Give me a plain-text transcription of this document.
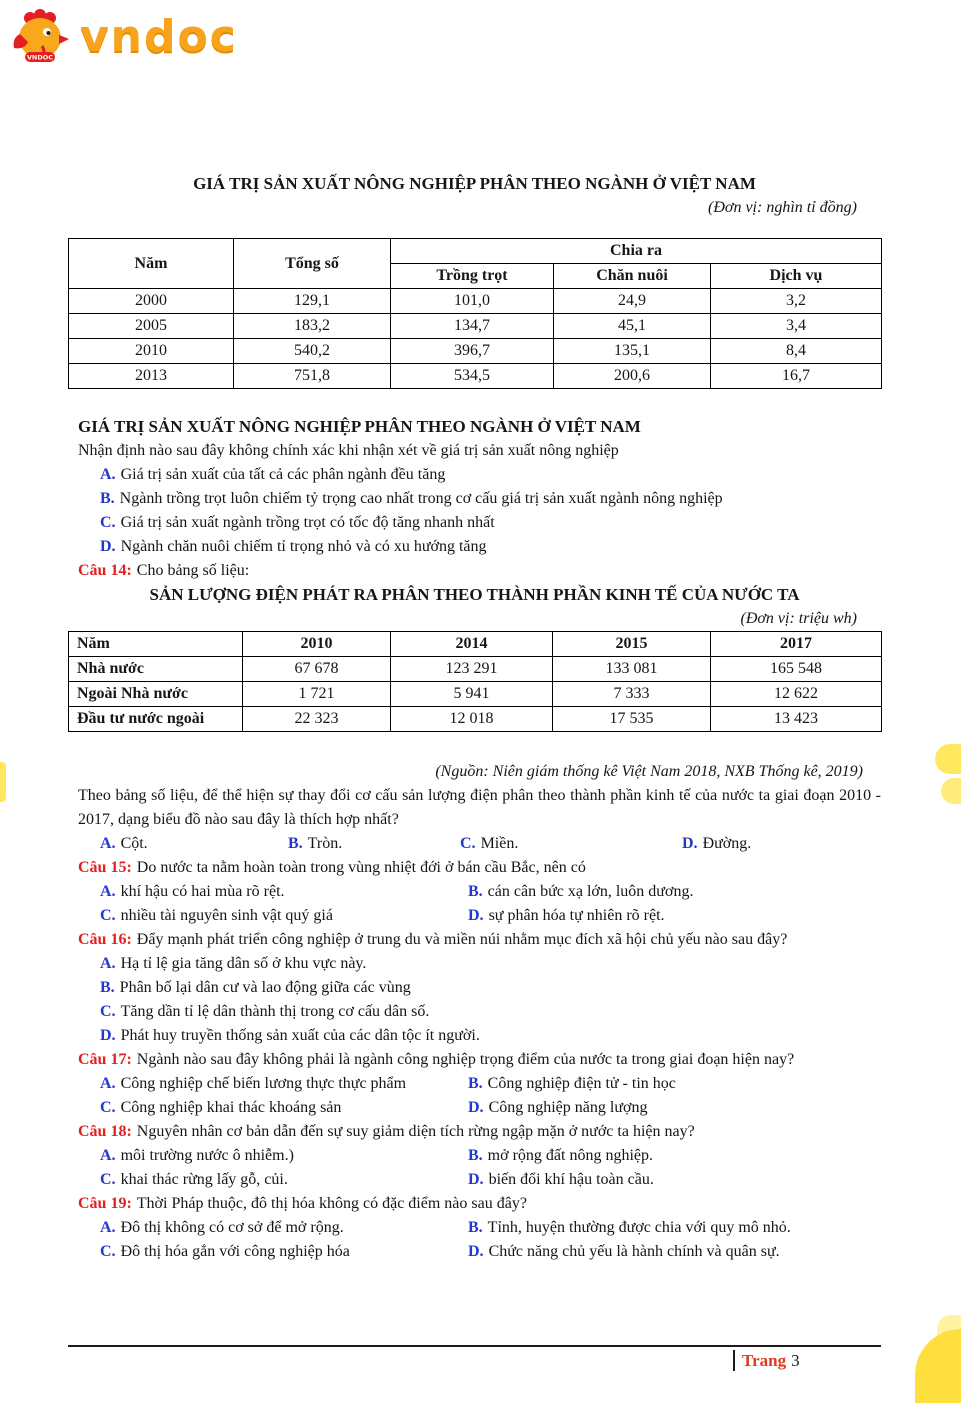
VNDOC vndoc
GIÁ TRỊ SẢN XUẤT NÔNG NGHIỆP PHÂN THEO NGÀNH Ở VIỆT NAM
(Đơn vị: nghìn tỉ đồng)
Năm	Tổng số	Chia ra		
		Trồng trọt	Chăn nuôi	Dịch vụ
2000	129,1	101,0	24,9	3,2
2005	183,2	134,7	45,1	3,4
2010	540,2	396,7	135,1	8,4
2013	751,8	534,5	200,6	16,7
GIÁ TRỊ SẢN XUẤT NÔNG NGHIỆP PHÂN THEO NGÀNH Ở VIỆT NAM

Nhận định nào sau đây không chính xác khi nhận xét về giá trị sản xuất nông nghiệp

A. Giá trị sản xuất của tất cả các phân ngành đều tăng
B. Ngành trồng trọt luôn chiếm tỷ trọng cao nhất trong cơ cấu giá trị sản xuất ngành nông nghiệp
C. Giá trị sản xuất ngành trồng trọt có tốc độ tăng nhanh nhất
D. Ngành chăn nuôi chiếm tỉ trọng nhỏ và có xu hướng tăng

Câu 14: Cho bảng số liệu:

SẢN LƯỢNG ĐIỆN PHÁT RA PHÂN THEO THÀNH PHẦN KINH TẾ CỦA NƯỚC TA
(Đơn vị: triệu wh)
Năm	2010	2014	2015	2017
Nhà nước	67 678	123 291	133 081	165 548
Ngoài Nhà nước	1 721	5 941	7 333	12 622
Đầu tư nước ngoài	22 323	12 018	17 535	13 423

(Nguồn: Niên giám thống kê Việt Nam 2018, NXB Thống kê, 2019)

Theo bảng số liệu, để thể hiện sự thay đổi cơ cấu sản lượng điện phân theo thành phần kinh tế của nước ta giai đoạn 2010 - 2017, dạng biểu đồ nào sau đây là thích hợp nhất?

A. Cột.	B. Tròn.	C. Miền.	D. Đường.

Câu 15: Do nước ta nằm hoàn toàn trong vùng nhiệt đới ở bán cầu Bắc, nên có

A. khí hậu có hai mùa rõ rệt.	B. cán cân bức xạ lớn, luôn dương.
C. nhiều tài nguyên sinh vật quý giá	D. sự phân hóa tự nhiên rõ rệt.

Câu 16: Đẩy mạnh phát triển công nghiệp ở trung du và miền núi nhằm mục đích xã hội chủ yếu nào sau đây?

A. Hạ tỉ lệ gia tăng dân số ở khu vực này.
B. Phân bố lại dân cư và lao động giữa các vùng
C. Tăng dần tỉ lệ dân thành thị trong cơ cấu dân số.
D. Phát huy truyền thống sản xuất của các dân tộc ít người.

Câu 17: Ngành nào sau đây không phải là ngành công nghiệp trọng điểm của nước ta trong giai đoạn hiện nay?

A. Công nghiệp chế biến lương thực thực phẩm	B. Công nghiệp điện tử - tin học
C. Công nghiệp khai thác khoáng sản	D. Công nghiệp năng lượng

Câu 18: Nguyên nhân cơ bản dẫn đến sự suy giảm diện tích rừng ngập mặn ở nước ta hiện nay?

A. môi trường nước ô nhiễm.)	B. mở rộng đất nông nghiệp.
C. khai thác rừng lấy gỗ, củi.	D. biến đổi khí hậu toàn cầu.

Câu 19: Thời Pháp thuộc, đô thị hóa không có đặc điểm nào sau đây?

A. Đô thị không có cơ sở để mở rộng.	B. Tỉnh, huyện thường được chia với quy mô nhỏ.
C. Đô thị hóa gắn với công nghiệp hóa	D. Chức năng chủ yếu là hành chính và quân sự.
Trang 3
